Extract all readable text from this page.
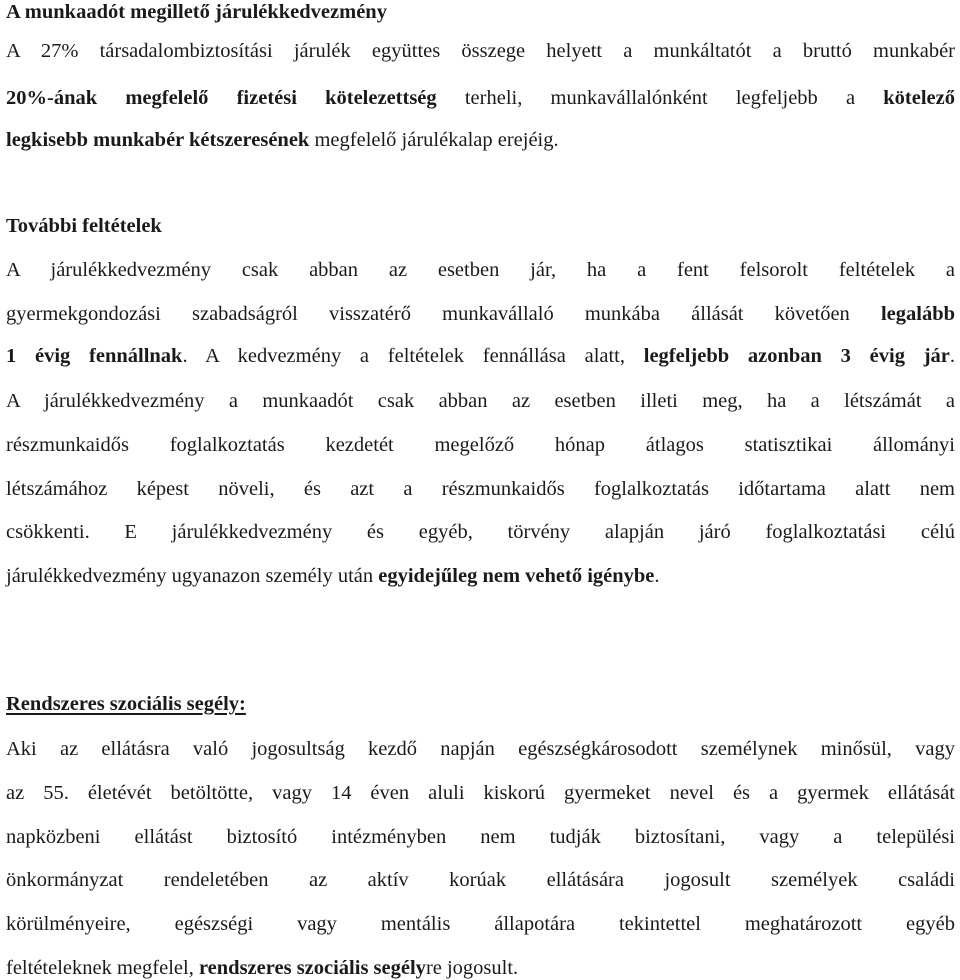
A munkaadót megillető járulékkedvezmény
A 27% társadalombiztosítási járulék együttes összege helyett a munkáltatót a bruttó munkabér
20%-ának megfelelő fizetési kötelezettség terheli, munkavállalónként legfeljebb a kötelező
legkisebb munkabér kétszeresének megfelelő járulékalap erejéig.
További feltételek
A járulékkedvezmény csak abban az esetben jár, ha a fent felsorolt feltételek a
gyermekgondozási szabadságról visszatérő munkavállaló munkába állását követően legalább
1 évig fennállnak. A kedvezmény a feltételek fennállása alatt, legfeljebb azonban 3 évig jár.
A járulékkedvezmény a munkaadót csak abban az esetben illeti meg, ha a létszámát a
részmunkaidős foglalkoztatás kezdetét megelőző hónap átlagos statisztikai állományi
létszámához képest növeli, és azt a részmunkaidős foglalkoztatás időtartama alatt nem
csökkenti. E járulékkedvezmény és egyéb, törvény alapján járó foglalkoztatási célú
járulékkedvezmény ugyanazon személy után egyidejűleg nem vehető igénybe.
Rendszeres szociális segély:
Aki az ellátásra való jogosultság kezdő napján egészségkárosodott személynek minősül, vagy
az 55. életévét betöltötte, vagy 14 éven aluli kiskorú gyermeket nevel és a gyermek ellátását
napközbeni ellátást biztosító intézményben nem tudják biztosítani, vagy a települési
önkormányzat rendeletében az aktív korúak ellátására jogosult személyek családi
körülményeire, egészségi vagy mentális állapotára tekintettel meghatározott egyéb
feltételeknek megfelel, rendszeres szociális segélyre jogosult.
